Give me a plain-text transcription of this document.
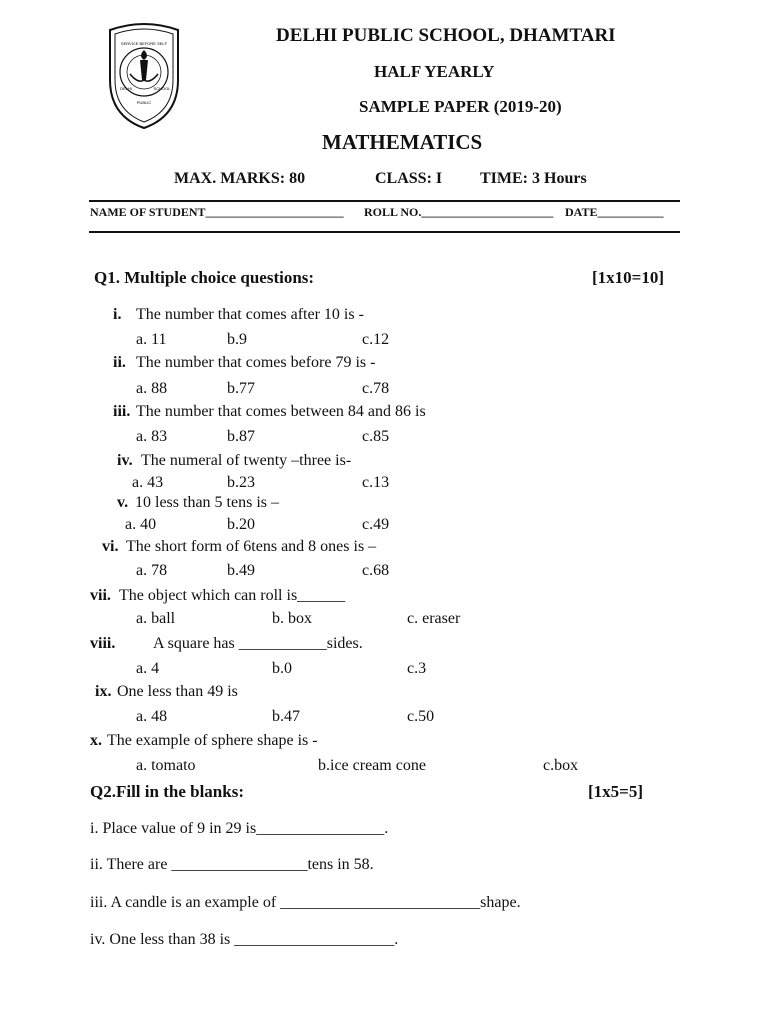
SERVICE BEFORE SELF
DELHI
PUBLIC
SCHOOL
DELHI PUBLIC SCHOOL, DHAMTARI
HALF YEARLY
SAMPLE PAPER (2019-20)
MATHEMATICS
MAX. MARKS: 80	CLASS: I TIME: 3 Hours
NAME OF STUDENT_______________________ ROLL NO.______________________ DATE___________
Q1. Multiple choice questions:	[1x10=10]
i. The number that comes after 10 is -
a. 11	b.9	c.12
ii. The number that comes before 79 is -
a. 88	b.77	c.78
iii. The number that comes between 84 and 86 is
a. 83	b.87	c.85
iv. The numeral of twenty –three is-
a. 43	b.23	c.13
v. 10 less than 5 tens is –
a. 40	b.20	c.49
vi. The short form of 6tens and 8 ones is –
a. 78	b.49	c.68
vii. The object which can roll is______
a. ball	b. box	c. eraser
viii. A square has ___________sides.
a. 4	b.0	c.3
ix. One less than 49 is
a. 48	b.47	c.50
x. The example of sphere shape is -
a. tomato	b.ice cream cone	c.box
Q2.Fill in the blanks:	[1x5=5]
i. Place value of 9 in 29 is________________.
ii. There are _________________tens in 58.
iii. A candle is an example of _________________________shape.
iv. One less than 38 is ____________________.
